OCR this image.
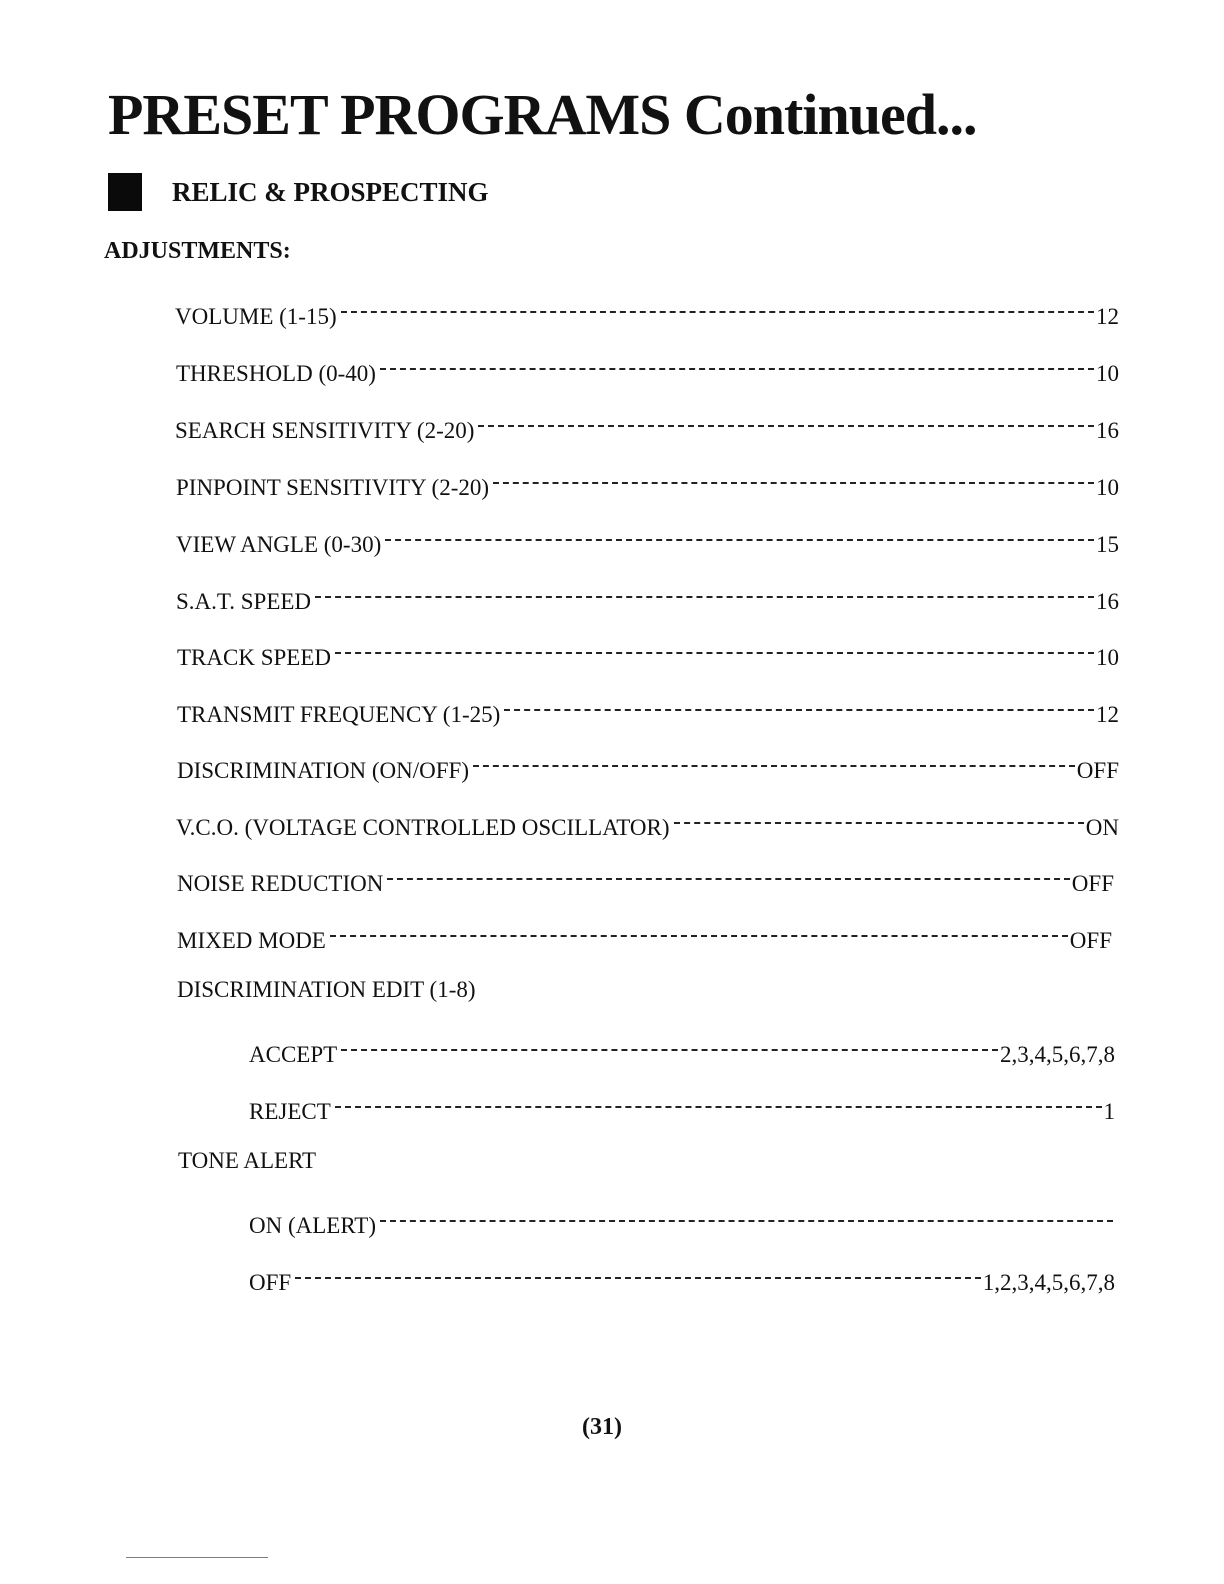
PRESET PROGRAMS Continued...
RELIC & PROSPECTING
ADJUSTMENTS:
VOLUME (1-15)	12
THRESHOLD (0-40)	10
SEARCH SENSITIVITY (2-20)	16
PINPOINT SENSITIVITY (2-20)	10
VIEW ANGLE (0-30)	15
S.A.T. SPEED	16
TRACK SPEED	10
TRANSMIT FREQUENCY (1-25)	12
DISCRIMINATION (ON/OFF)	OFF
V.C.O. (VOLTAGE CONTROLLED OSCILLATOR)	ON
NOISE REDUCTION	OFF
MIXED MODE	OFF
DISCRIMINATION EDIT (1-8)
ACCEPT	2,3,4,5,6,7,8
REJECT	1
TONE ALERT
ON (ALERT)
OFF	1,2,3,4,5,6,7,8
(31)
